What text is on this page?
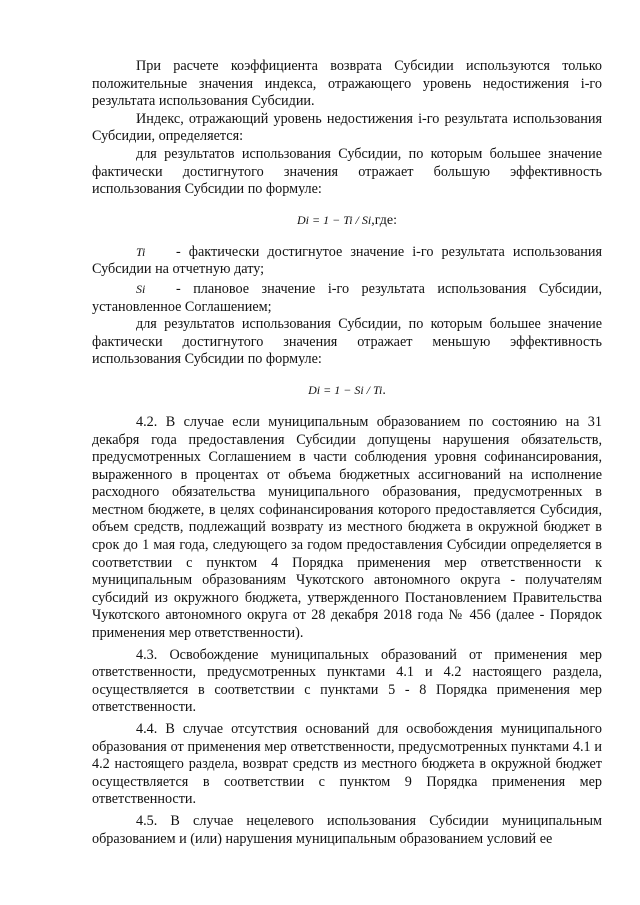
При расчете коэффициента возврата Субсидии используются только положительные значения индекса, отражающего уровень недостижения i-го результата использования Субсидии.

Индекс, отражающий уровень недостижения i-го результата использования Субсидии, определяется:

для результатов использования Субсидии, по которым большее значение фактически достигнутого значения отражает большую эффективность использования Субсидии по формуле:

Di = 1 − Ti / Si,где:

Ti - фактически достигнутое значение i-го результата использования Субсидии на отчетную дату;

Si - плановое значение i-го результата использования Субсидии, установленное Соглашением;

для результатов использования Субсидии, по которым большее значение фактически достигнутого значения отражает меньшую эффективность использования Субсидии по формуле:

Di = 1 − Si / Ti.

4.2. В случае если муниципальным образованием по состоянию на 31 декабря года предоставления Субсидии допущены нарушения обязательств, предусмотренных Соглашением в части соблюдения уровня софинансирования, выраженного в процентах от объема бюджетных ассигнований на исполнение расходного обязательства муниципального образования, предусмотренных в местном бюджете, в целях софинансирования которого предоставляется Субсидия, объем средств, подлежащий возврату из местного бюджета в окружной бюджет в срок до 1 мая года, следующего за годом предоставления Субсидии определяется в соответствии с пунктом 4 Порядка применения мер ответственности к муниципальным образованиям Чукотского автономного округа - получателям субсидий из окружного бюджета, утвержденного Постановлением Правительства Чукотского автономного округа от 28 декабря 2018 года № 456 (далее - Порядок применения мер ответственности).

4.3. Освобождение муниципальных образований от применения мер ответственности, предусмотренных пунктами 4.1 и 4.2 настоящего раздела, осуществляется в соответствии с пунктами 5 - 8 Порядка применения мер ответственности.

4.4. В случае отсутствия оснований для освобождения муниципального образования от применения мер ответственности, предусмотренных пунктами 4.1 и 4.2 настоящего раздела, возврат средств из местного бюджета в окружной бюджет осуществляется в соответствии с пунктом 9 Порядка применения мер ответственности.

4.5. В случае нецелевого использования Субсидии муниципальным образованием и (или) нарушения муниципальным образованием условий ее
